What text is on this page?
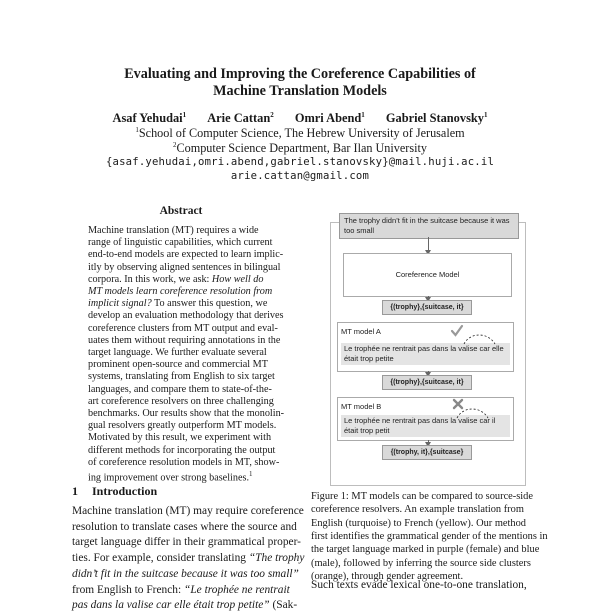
Evaluating and Improving the Coreference Capabilities of
Machine Translation Models
Asaf Yehudai$^1$ Arie Cattan$^2$ Omri Abend$^1$ Gabriel Stanovsky$^1$
$^1$School of Computer Science, The Hebrew University of Jerusalem
$^2$Computer Science Department, Bar Ilan University
{asaf.yehudai,omri.abend,gabriel.stanovsky}@mail.huji.ac.il
arie.cattan@gmail.com
Abstract
Machine translation (MT) requires a wide
range of linguistic capabilities, which current
end-to-end models are expected to learn implic-
itly by observing aligned sentences in bilingual
corpora. In this work, we ask: How well do
MT models learn coreference resolution from
implicit signal? To answer this question, we
develop an evaluation methodology that derives
coreference clusters from MT output and eval-
uates them without requiring annotations in the
target language. We further evaluate several
prominent open-source and commercial MT
systems, translating from English to six target
languages, and compare them to state-of-the-
art coreference resolvers on three challenging
benchmarks. Our results show that the monolin-
gual resolvers greatly outperform MT models.
Motivated by this result, we experiment with
different methods for incorporating the output
of coreference resolution models in MT, show-
ing improvement over strong baselines.$^1$
1 Introduction
Machine translation (MT) may require coreference
resolution to translate cases where the source and
target language differ in their grammatical proper-
ties. For example, consider translating “The trophy
didn’t fit in the suitcase because it was too small”
from English to French: “Le trophée ne rentrait
pas dans la valise car elle était trop petite” (Sak-
The trophy didn’t fit in the suitcase because it was too small
Coreference Model
{(trophy},{suitcase, it}
MT model A
Le trophée ne rentrait pas dans la valise car elle était trop petite
{(trophy},{suitcase, it}
MT model B
Le trophée ne rentrait pas dans la valise car il était trop petit
{(trophy, it},{suitcase}
Figure 1: MT models can be compared to source-side
coreference resolvers. An example translation from
English (turquoise) to French (yellow). Our method
first identifies the grammatical gender of the mentions in
the target language marked in purple (female) and blue
(male), followed by inferring the source side clusters
(orange), through gender agreement.
Such texts evade lexical one-to-one translation,
